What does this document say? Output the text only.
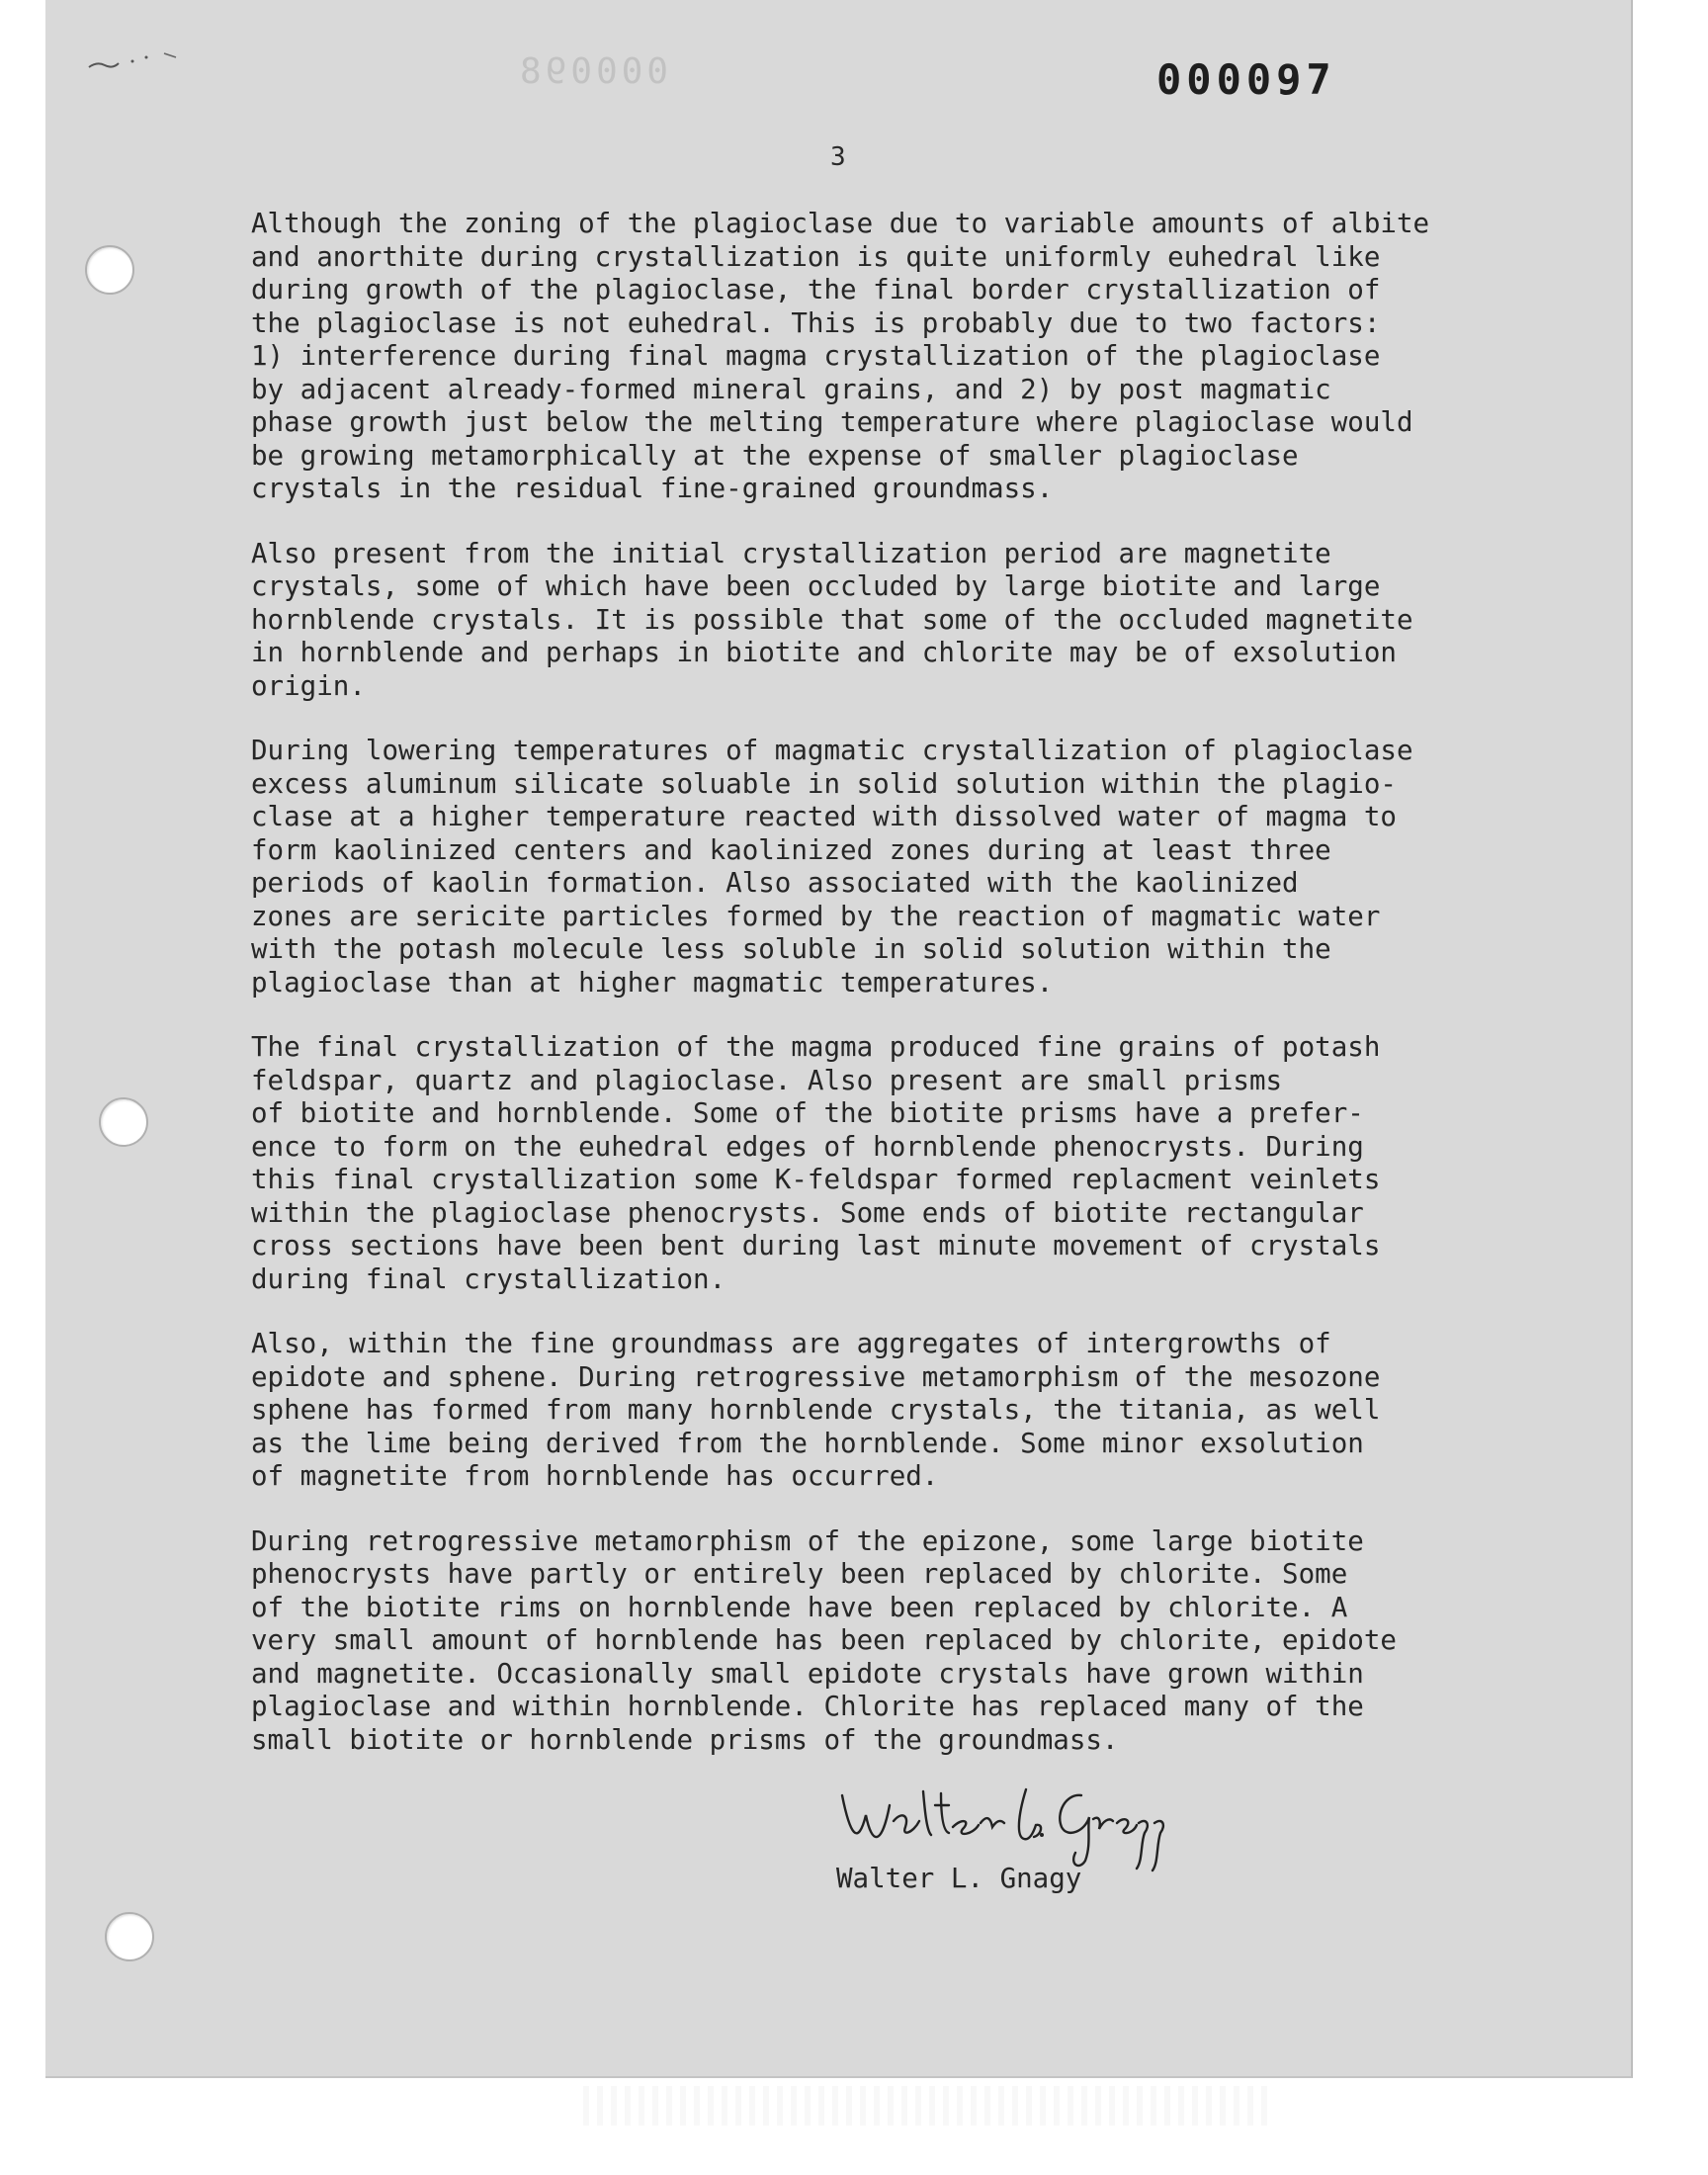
000098	000097
3

Although the zoning of the plagioclase due to variable amounts of albite
and anorthite during crystallization is quite uniformly euhedral like
during growth of the plagioclase, the final border crystallization of
the plagioclase is not euhedral. This is probably due to two factors:
1) interference during final magma crystallization of the plagioclase
by adjacent already-formed mineral grains, and 2) by post magmatic
phase growth just below the melting temperature where plagioclase would
be growing metamorphically at the expense of smaller plagioclase
crystals in the residual fine-grained groundmass.

Also present from the initial crystallization period are magnetite
crystals, some of which have been occluded by large biotite and large
hornblende crystals. It is possible that some of the occluded magnetite
in hornblende and perhaps in biotite and chlorite may be of exsolution
origin.

During lowering temperatures of magmatic crystallization of plagioclase
excess aluminum silicate soluable in solid solution within the plagio-
clase at a higher temperature reacted with dissolved water of magma to
form kaolinized centers and kaolinized zones during at least three
periods of kaolin formation. Also associated with the kaolinized
zones are sericite particles formed by the reaction of magmatic water
with the potash molecule less soluble in solid solution within the
plagioclase than at higher magmatic temperatures.

The final crystallization of the magma produced fine grains of potash
feldspar, quartz and plagioclase. Also present are small prisms
of biotite and hornblende. Some of the biotite prisms have a prefer-
ence to form on the euhedral edges of hornblende phenocrysts. During
this final crystallization some K-feldspar formed replacment veinlets
within the plagioclase phenocrysts. Some ends of biotite rectangular
cross sections have been bent during last minute movement of crystals
during final crystallization.

Also, within the fine groundmass are aggregates of intergrowths of
epidote and sphene. During retrogressive metamorphism of the mesozone
sphene has formed from many hornblende crystals, the titania, as well
as the lime being derived from the hornblende. Some minor exsolution
of magnetite from hornblende has occurred.

During retrogressive metamorphism of the epizone, some large biotite
phenocrysts have partly or entirely been replaced by chlorite. Some
of the biotite rims on hornblende have been replaced by chlorite. A
very small amount of hornblende has been replaced by chlorite, epidote
and magnetite. Occasionally small epidote crystals have grown within
plagioclase and within hornblende. Chlorite has replaced many of the
small biotite or hornblende prisms of the groundmass.

Walter L. Gnagy
